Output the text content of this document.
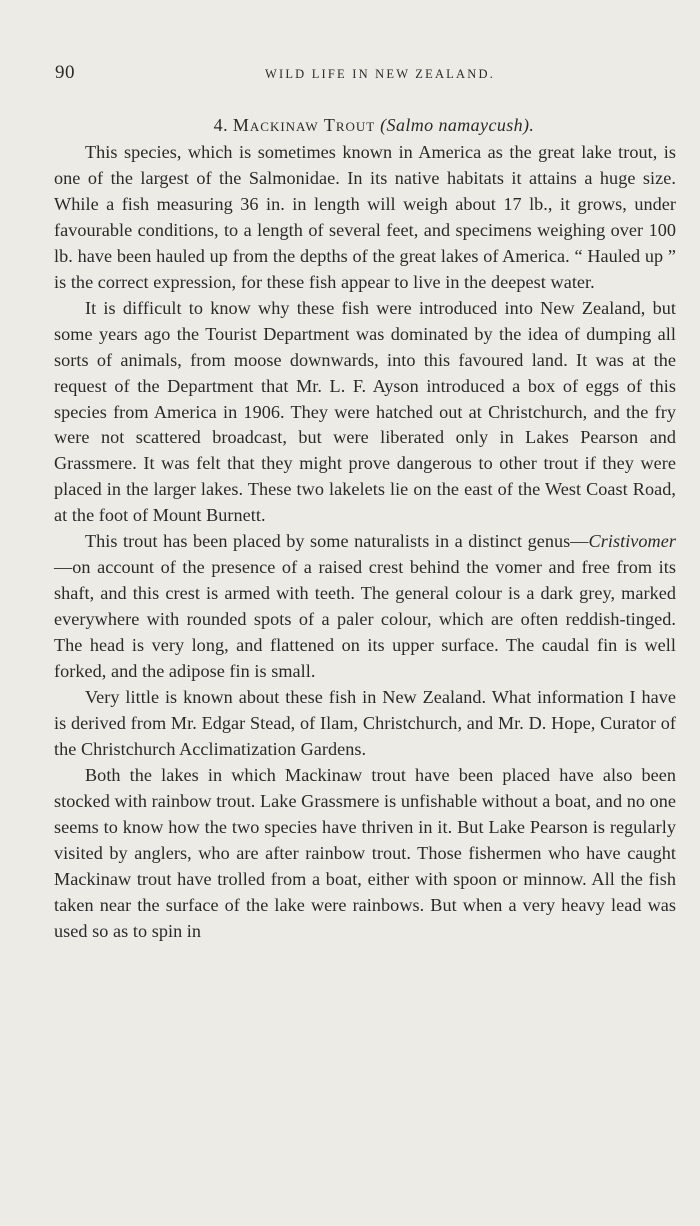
90	WILD LIFE IN NEW ZEALAND.
4. Mackinaw Trout (Salmo namaycush).

This species, which is sometimes known in America as the great lake trout, is one of the largest of the Salmonidae. In its native habitats it attains a huge size. While a fish measuring 36 in. in length will weigh about 17 lb., it grows, under favourable conditions, to a length of several feet, and specimens weighing over 100 lb. have been hauled up from the depths of the great lakes of America. “ Hauled up ” is the correct expression, for these fish appear to live in the deepest water.

It is difficult to know why these fish were introduced into New Zealand, but some years ago the Tourist Department was dominated by the idea of dumping all sorts of animals, from moose downwards, into this favoured land. It was at the request of the Department that Mr. L. F. Ayson introduced a box of eggs of this species from America in 1906. They were hatched out at Christchurch, and the fry were not scattered broadcast, but were liberated only in Lakes Pearson and Grassmere. It was felt that they might prove dangerous to other trout if they were placed in the larger lakes. These two lakelets lie on the east of the West Coast Road, at the foot of Mount Burnett.

This trout has been placed by some naturalists in a distinct genus—Cristivomer—on account of the presence of a raised crest behind the vomer and free from its shaft, and this crest is armed with teeth. The general colour is a dark grey, marked everywhere with rounded spots of a paler colour, which are often reddish-tinged. The head is very long, and flattened on its upper surface. The caudal fin is well forked, and the adipose fin is small.

Very little is known about these fish in New Zealand. What information I have is derived from Mr. Edgar Stead, of Ilam, Christchurch, and Mr. D. Hope, Curator of the Christchurch Acclimatization Gardens.

Both the lakes in which Mackinaw trout have been placed have also been stocked with rainbow trout. Lake Grassmere is unfishable without a boat, and no one seems to know how the two species have thriven in it. But Lake Pearson is regularly visited by anglers, who are after rainbow trout. Those fishermen who have caught Mackinaw trout have trolled from a boat, either with spoon or minnow. All the fish taken near the surface of the lake were rainbows. But when a very heavy lead was used so as to spin in
